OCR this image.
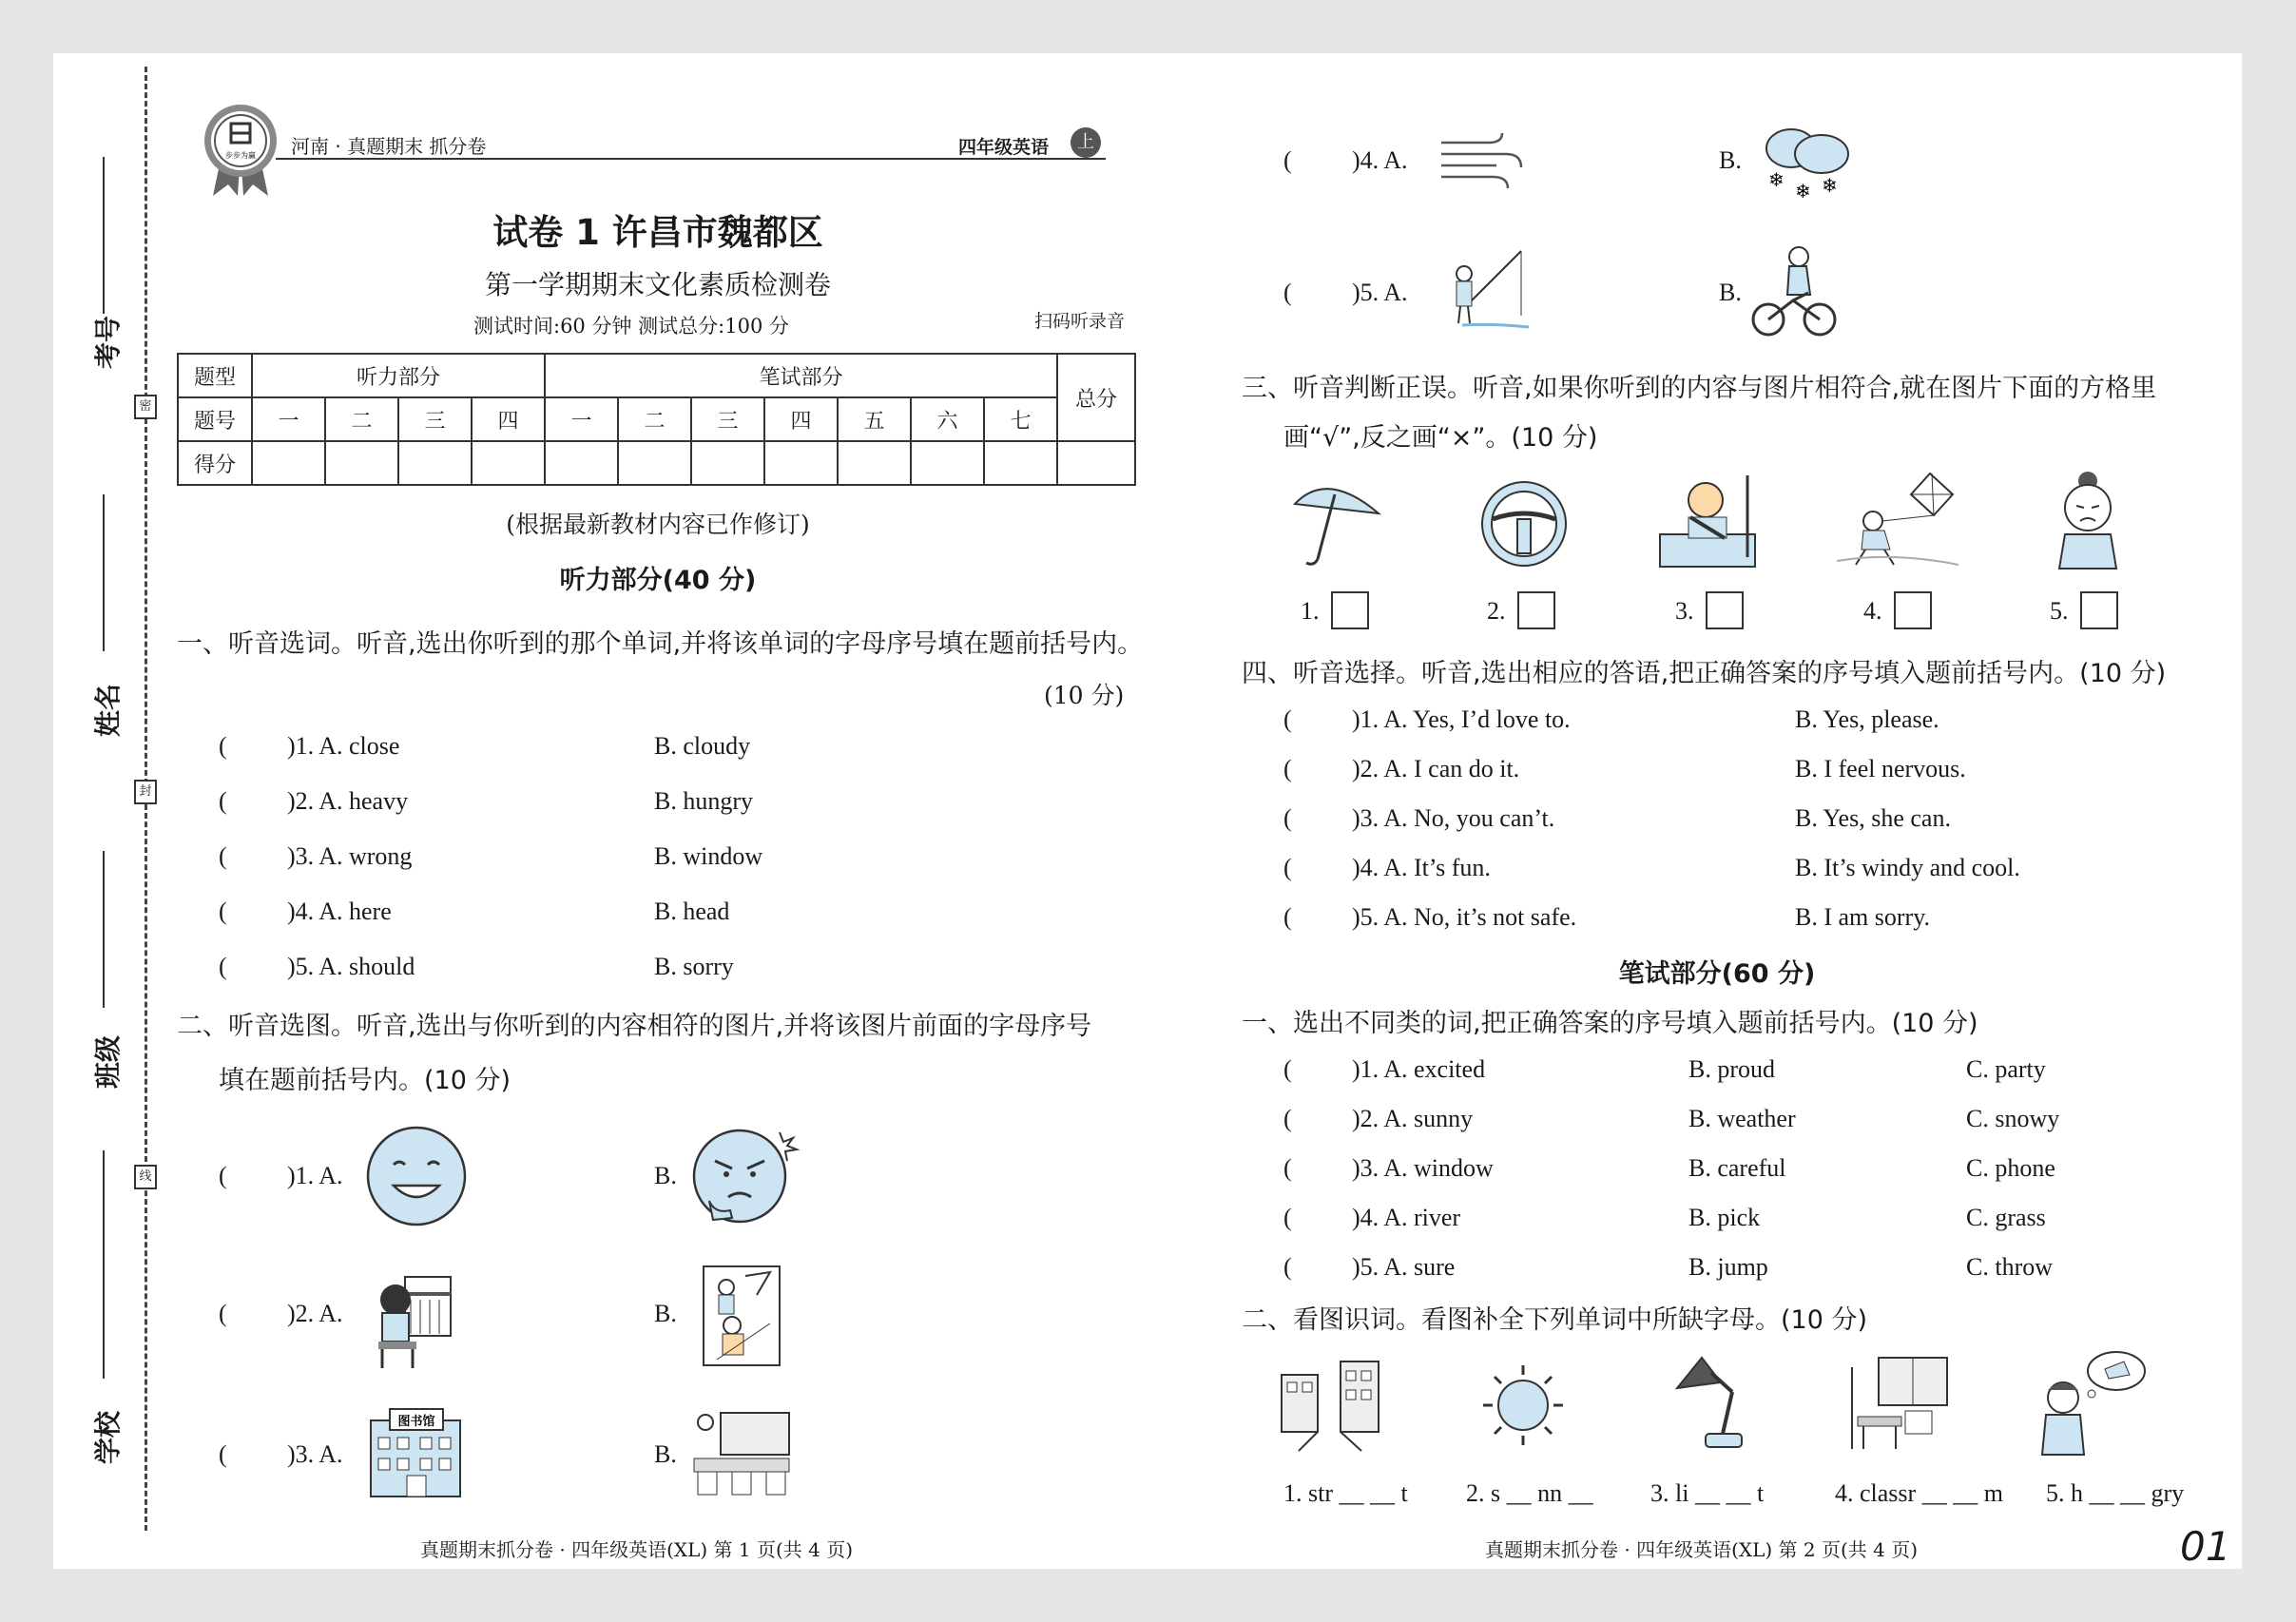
密
封
线
考号
姓名
班级
学校
步步为赢 河南 · 真题期末 抓分卷	四年级英语	上
试卷 1 许昌市魏都区
第一学期期末文化素质检测卷
测试时间:60 分钟 测试总分:100 分	扫码听录音
题型	听力部分				笔试部分							总分
题号	一	二	三	四	一	二	三	四	五	六	七	
得分												
(根据最新教材内容已作修订)
听力部分(40 分)
一、听音选词。听音,选出你听到的那个单词,并将该单词的字母序号填在题前括号内。
(10 分)
( )1. A. close	B. cloudy
( )2. A. heavy	B. hungry
( )3. A. wrong	B. window
( )4. A. here	B. head
( )5. A. should	B. sorry
二、听音选图。听音,选出与你听到的内容相符的图片,并将该图片前面的字母序号
填在题前括号内。(10 分)
( )1. A.	B.
( )2. A.	B.
( )3. A.
图书馆
B.
真题期末抓分卷 · 四年级英语(XL) 第 1 页(共 4 页)
( )4. A.	B.
❄ ❄ ❄
( )5. A.	B.
三、听音判断正误。听音,如果你听到的内容与图片相符合,就在图片下面的方格里
画“√”,反之画“×”。(10 分)
1.	2.	3.	4.	5.
四、听音选择。听音,选出相应的答语,把正确答案的序号填入题前括号内。(10 分)
( )1. A. Yes, I’d love to.	B. Yes, please.
( )2. A. I can do it.	B. I feel nervous.
( )3. A. No, you can’t.	B. Yes, she can.
( )4. A. It’s fun.	B. It’s windy and cool.
( )5. A. No, it’s not safe.	B. I am sorry.
笔试部分(60 分)
一、选出不同类的词,把正确答案的序号填入题前括号内。(10 分)
( )1. A. excited	B. proud	C. party
( )2. A. sunny	B. weather	C. snowy
( )3. A. window	B. careful	C. phone
( )4. A. river	B. pick	C. grass
( )5. A. sure	B. jump	C. throw
二、看图识词。看图补全下列单词中所缺字母。(10 分)
1. str __ __ t 2. s __ nn __ 3. li __ __ t	4. classr __ __ m 5. h __ __ gry
真题期末抓分卷 · 四年级英语(XL) 第 2 页(共 4 页)	01
